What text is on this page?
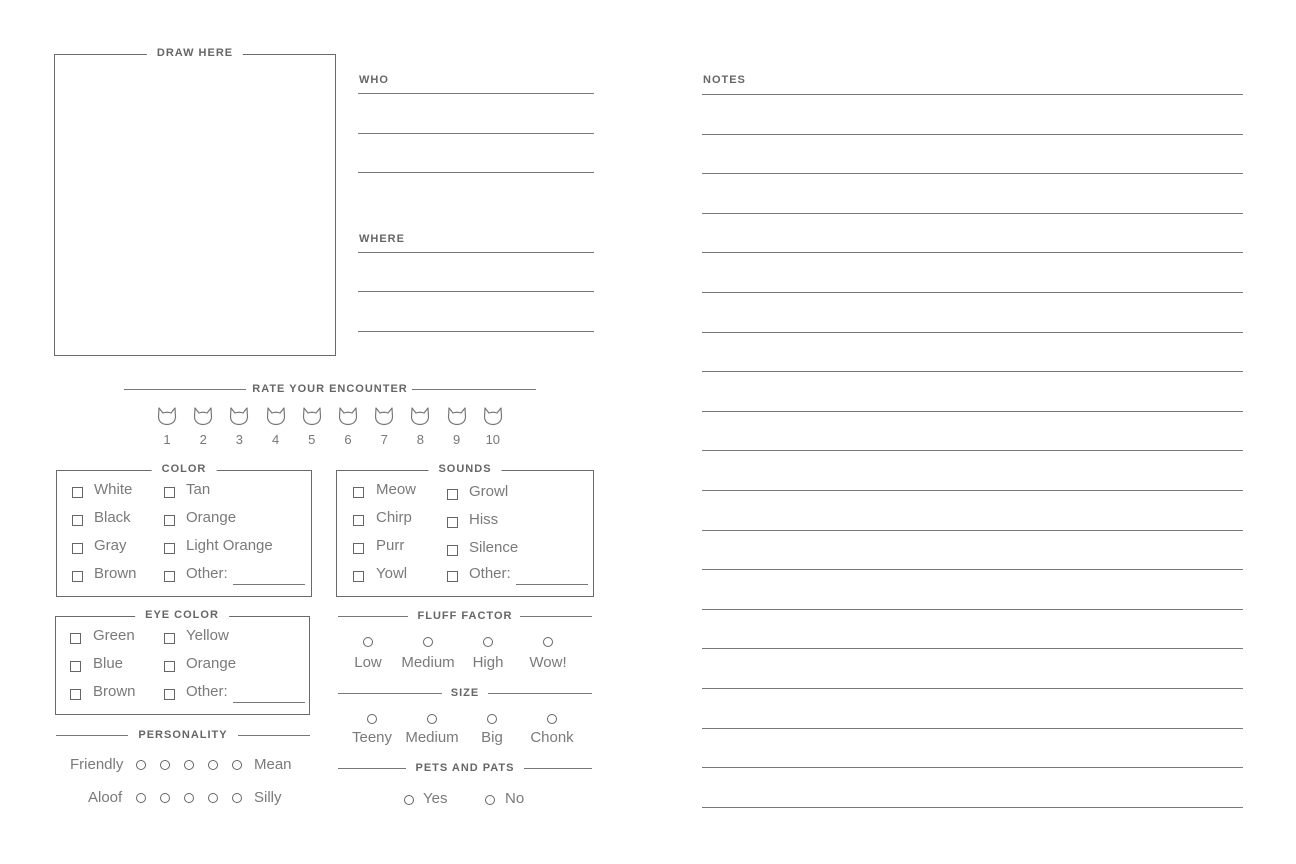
DRAW HERE
WHO
WHERE
NOTES
RATE YOUR ENCOUNTER
1 2 3 4 5 6 7 8 9 10
COLOR
White
Black
Gray
Brown
Tan
Orange
Light Orange
Other:
SOUNDS
Meow
Chirp
Purr
Yowl
Growl
Hiss
Silence
Other:
EYE COLOR
Green
Blue
Brown
Yellow
Orange
Other:
PERSONALITY
Friendly	Mean
Aloof	Silly
FLUFF FACTOR
Low Medium High Wow!
SIZE
Teeny Medium Big Chonk
PETS AND PATS
Yes	No
